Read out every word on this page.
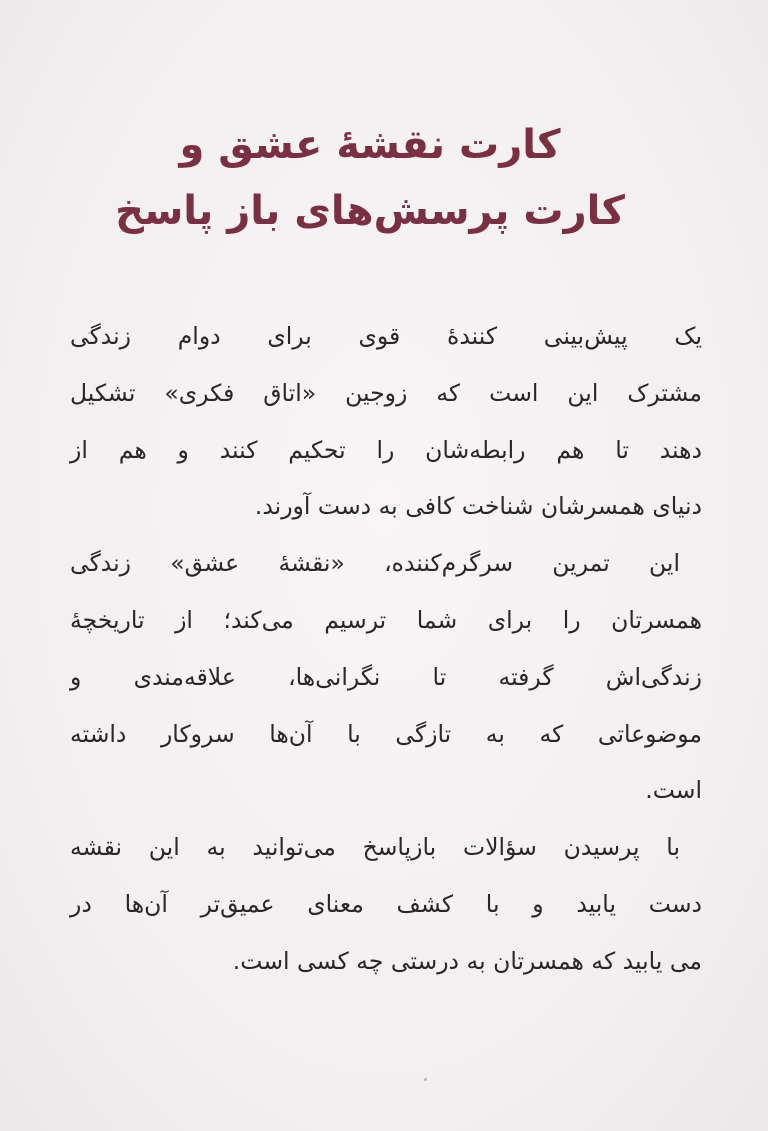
کارت نقشهٔ عشق و
کارت پرسش‌های باز پاسخ
یک پیش‌بینی کنندهٔ قوی برای دوام زندگی
مشترک این است که زوجین «اتاق فکری» تشکیل
دهند تا هم رابطه‌شان را تحکیم کنند و هم از
دنیای همسرشان شناخت کافی به دست آورند.
این تمرین سرگرم‌کننده، «نقشهٔ عشق» زندگی
همسرتان را برای شما ترسیم می‌کند؛ از تاریخچهٔ
زندگی‌اش گرفته تا نگرانی‌ها، علاقه‌مندی و
موضوعاتی که به تازگی با آن‌ها سروکار داشته
است.
با پرسیدن سؤالات بازپاسخ می‌توانید به این نقشه
دست یابید و با کشف معنای عمیق‌تر آن‌ها در
می یابید که همسرتان به درستی چه کسی است.
